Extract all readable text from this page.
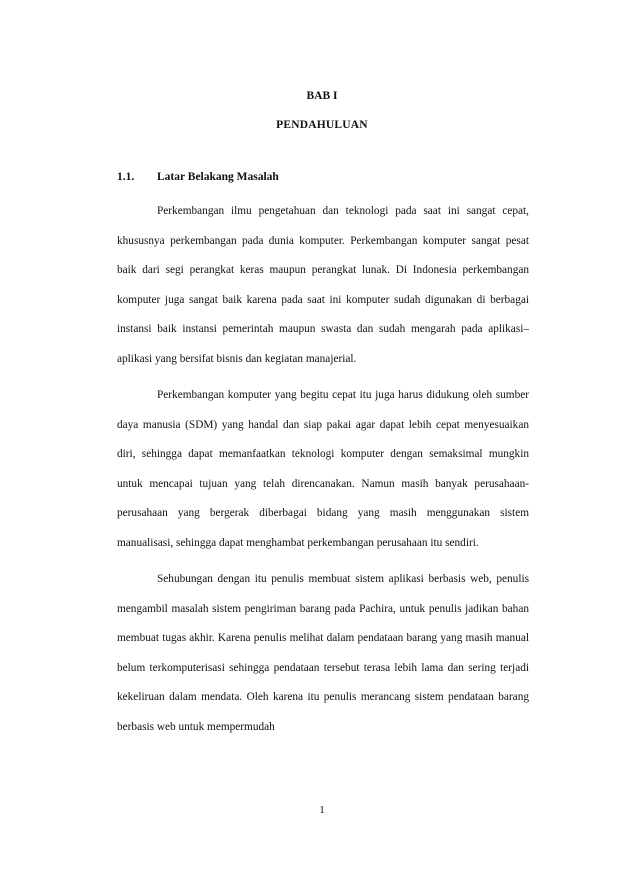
BAB I
PENDAHULUAN
1.1. Latar Belakang Masalah

Perkembangan ilmu pengetahuan dan teknologi pada saat ini sangat cepat, khususnya perkembangan pada dunia komputer. Perkembangan komputer sangat pesat baik dari segi perangkat keras maupun perangkat lunak. Di Indonesia perkembangan komputer juga sangat baik karena pada saat ini komputer sudah digunakan di berbagai instansi baik instansi pemerintah maupun swasta dan sudah mengarah pada aplikasi–aplikasi yang bersifat bisnis dan kegiatan manajerial.

Perkembangan komputer yang begitu cepat itu juga harus didukung oleh sumber daya manusia (SDM) yang handal dan siap pakai agar dapat lebih cepat menyesuaikan diri, sehingga dapat memanfaatkan teknologi komputer dengan semaksimal mungkin untuk mencapai tujuan yang telah direncanakan. Namun masih banyak perusahaan-perusahaan yang bergerak diberbagai bidang yang masih menggunakan sistem manualisasi, sehingga dapat menghambat perkembangan perusahaan itu sendiri.

Sehubungan dengan itu penulis membuat sistem aplikasi berbasis web, penulis mengambil masalah sistem pengiriman barang pada Pachira, untuk penulis jadikan bahan membuat tugas akhir. Karena penulis melihat dalam pendataan barang yang masih manual belum terkomputerisasi sehingga pendataan tersebut terasa lebih lama dan sering terjadi kekeliruan dalam mendata. Oleh karena itu penulis merancang sistem pendataan barang berbasis web untuk mempermudah

1
